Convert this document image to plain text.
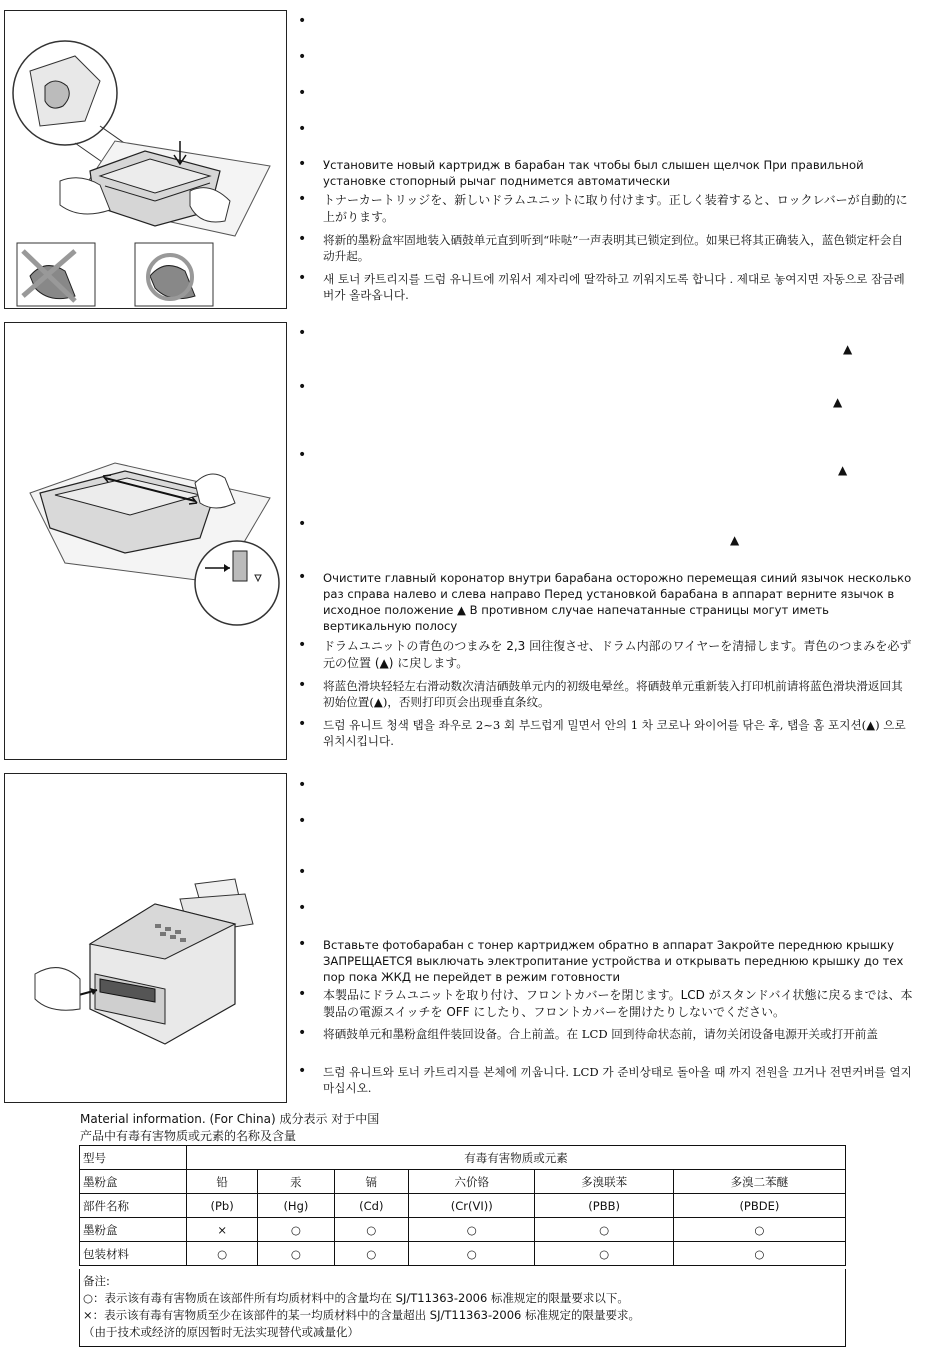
•
•
•
•
• Установите новый картридж в барабан так чтобы был слышен щелчок При правильной установке стопорный рычаг поднимется автоматически
• トナーカートリッジを、新しいドラムユニットに取り付けます。正しく装着すると、ロックレバーが自動的に上がります。
• 将新的墨粉盒牢固地装入硒鼓单元直到听到“咔哒”一声表明其已锁定到位。如果已将其正确装入，蓝色锁定杆会自动升起。
• 새 토너 카트리지를 드럼 유니트에 끼워서 제자리에 딸깍하고 끼워지도록 합니다 . 제대로 놓여지면 자동으로 잠금레버가 올라옵니다.
•
▲
•
▲
•
▲
•
▲
• Очистите главный коронатор внутри барабана осторожно перемещая синий язычок несколько раз справа налево и слева направо Перед установкой барабана в аппарат верните язычок в исходное положение ▲ В противном случае напечатанные страницы могут иметь вертикальную полосу
• ドラムユニットの青色のつまみを 2,3 回往復させ、ドラム内部のワイヤーを清掃します。青色のつまみを必ず元の位置 (▲) に戻します。
• 将蓝色滑块轻轻左右滑动数次清洁硒鼓单元内的初级电晕丝。将硒鼓单元重新装入打印机前请将蓝色滑块滑返回其初始位置(▲)，否则打印页会出现垂直条纹。
• 드럼 유니트 청색 탭을 좌우로 2~3 회 부드럽게 밀면서 안의 1 차 코로나 와이어를 닦은 후, 탭을 홈 포지션(▲) 으로 위치시킵니다.
•
•
•
•
• Вставьте фотобарабан с тонер картриджем обратно в аппарат Закройте переднюю крышку ЗАПРЕЩАЕТСЯ выключать электропитание устройства и открывать переднюю крышку до тех пор пока ЖКД не перейдет в режим готовности
• 本製品にドラムユニットを取り付け、フロントカバーを閉じます。LCD がスタンドバイ状態に戻るまでは、本製品の電源スイッチを OFF にしたり、フロントカバーを開けたりしないでください。
• 将硒鼓单元和墨粉盒组件装回设备。合上前盖。在 LCD 回到待命状态前，请勿关闭设备电源开关或打开前盖
• 드럼 유니트와 토너 카트리지를 본체에 끼웁니다. LCD 가 준비상태로 돌아올 때 까지 전원을 끄거나 전면커버를 열지 마십시오.
Material information. (For China) 成分表示 对于中国
产品中有毒有害物质或元素的名称及含量
型号	有毒有害物质或元素					
墨粉盒	铅	汞	镉	六价铬	多溴联苯	多溴二苯醚
部件名称	(Pb)	(Hg)	(Cd)	(Cr(VI))	(PBB)	(PBDE)
墨粉盒	×	○	○	○	○	○
包装材料	○	○	○	○	○	○
备注:
○：表示该有毒有害物质在该部件所有均质材料中的含量均在 SJ/T11363-2006 标准规定的限量要求以下。
×：表示该有毒有害物质至少在该部件的某一均质材料中的含量超出 SJ/T11363-2006 标准规定的限量要求。
（由于技术或经济的原因暂时无法实现替代或减量化）
